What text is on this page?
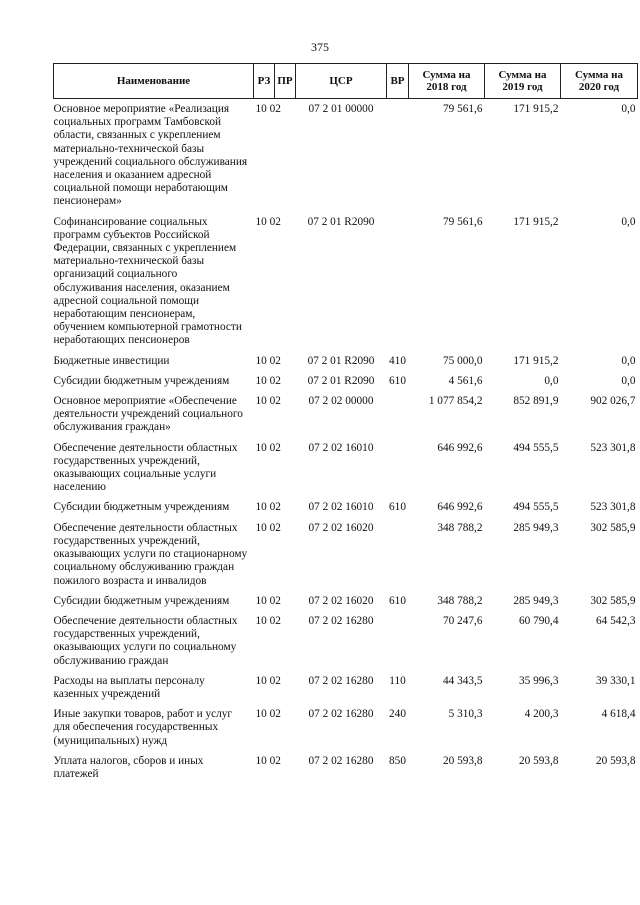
375
Наименование	РЗ	ПР	ЦСР	ВР	Сумма на 2018 год	Сумма на 2019 год	Сумма на 2020 год
Основное мероприятие «Реализация социальных программ Тамбовской области, связанных с укреплением материально-технической базы учреждений социального обслуживания населения и оказанием адресной социальной помощи неработающим пенсионерам»	10 02		07 2 01 00000		79 561,6	171 915,2	0,0
Софинансирование социальных программ субъектов Российской Федерации, связанных с укреплением материально-технической базы организаций социального обслуживания населения, оказанием адресной социальной помощи неработающим пенсионерам, обучением компьютерной грамотности неработающих пенсионеров	10 02		07 2 01 R2090		79 561,6	171 915,2	0,0
Бюджетные инвестиции	10 02		07 2 01 R2090	410	75 000,0	171 915,2	0,0
Субсидии бюджетным учреждениям	10 02		07 2 01 R2090	610	4 561,6	0,0	0,0
Основное мероприятие «Обеспечение деятельности учреждений социального обслуживания граждан»	10 02		07 2 02 00000		1 077 854,2	852 891,9	902 026,7
Обеспечение деятельности областных государственных учреждений, оказывающих социальные услуги населению	10 02		07 2 02 16010		646 992,6	494 555,5	523 301,8
Субсидии бюджетным учреждениям	10 02		07 2 02 16010	610	646 992,6	494 555,5	523 301,8
Обеспечение деятельности областных государственных учреждений, оказывающих услуги по стационарному социальному обслуживанию граждан пожилого возраста и инвалидов	10 02		07 2 02 16020		348 788,2	285 949,3	302 585,9
Субсидии бюджетным учреждениям	10 02		07 2 02 16020	610	348 788,2	285 949,3	302 585,9
Обеспечение деятельности областных государственных учреждений, оказывающих услуги по социальному обслуживанию граждан	10 02		07 2 02 16280		70 247,6	60 790,4	64 542,3
Расходы на выплаты персоналу казенных учреждений	10 02		07 2 02 16280	110	44 343,5	35 996,3	39 330,1
Иные закупки товаров, работ и услуг для обеспечения государственных (муниципальных) нужд	10 02		07 2 02 16280	240	5 310,3	4 200,3	4 618,4
Уплата налогов, сборов и иных платежей	10 02		07 2 02 16280	850	20 593,8	20 593,8	20 593,8
